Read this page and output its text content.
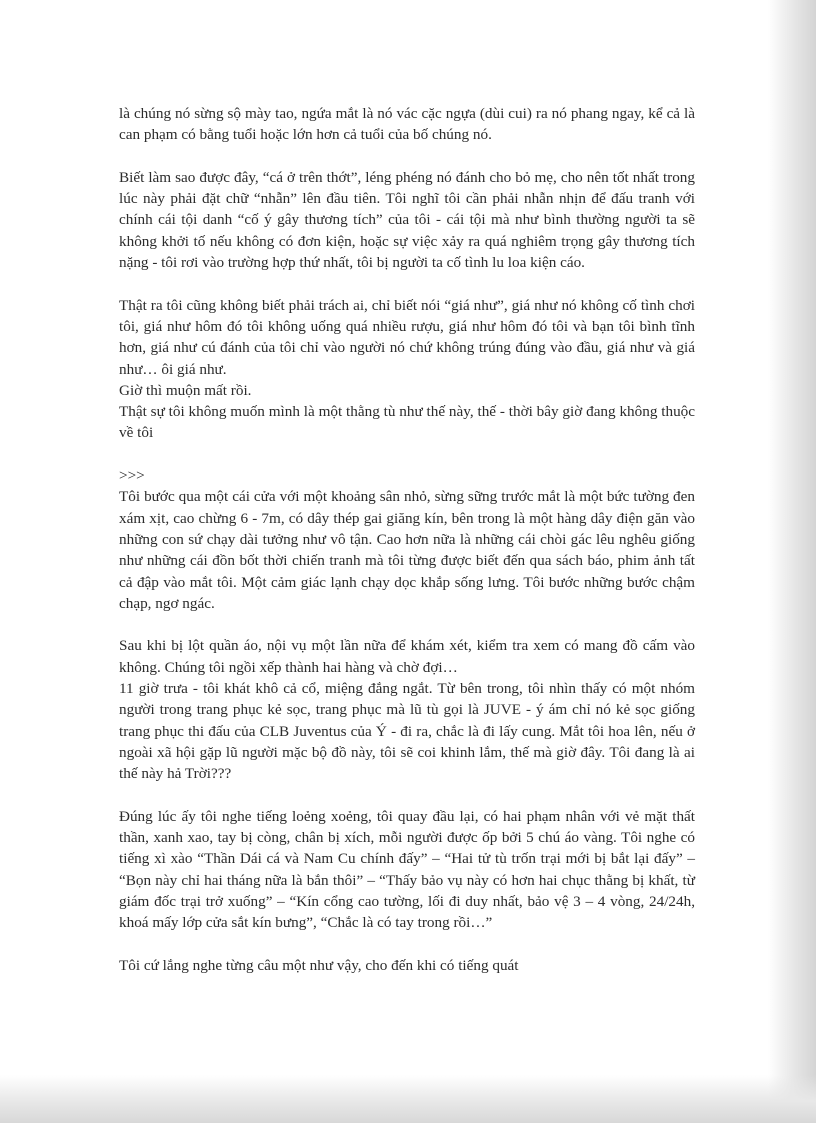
là chúng nó sừng sộ mày tao, ngứa mắt là nó vác cặc ngựa (dùi cui) ra nó phang ngay, kể cả là can phạm có bằng tuổi hoặc lớn hơn cả tuổi của bố chúng nó.

Biết làm sao được đây, “cá ở trên thớt”, léng phéng nó đánh cho bỏ mẹ, cho nên tốt nhất trong lúc này phải đặt chữ “nhẫn” lên đầu tiên. Tôi nghĩ tôi cần phải nhẫn nhịn để đấu tranh với chính cái tội danh “cố ý gây thương tích” của tôi - cái tội mà như bình thường người ta sẽ không khởi tố nếu không có đơn kiện, hoặc sự việc xảy ra quá nghiêm trọng gây thương tích nặng - tôi rơi vào trường hợp thứ nhất, tôi bị người ta cố tình lu loa kiện cáo.

Thật ra tôi cũng không biết phải trách ai, chỉ biết nói “giá như”, giá như nó không cố tình chơi tôi, giá như hôm đó tôi không uống quá nhiều rượu, giá như hôm đó tôi và bạn tôi bình tĩnh hơn, giá như cú đánh của tôi chỉ vào người nó chứ không trúng đúng vào đầu, giá như và giá như… ôi giá như.

Giờ thì muộn mất rồi.

Thật sự tôi không muốn mình là một thằng tù như thế này, thế - thời bây giờ đang không thuộc về tôi

>>>

Tôi bước qua một cái cửa với một khoảng sân nhỏ, sừng sững trước mắt là một bức tường đen xám xịt, cao chừng 6 - 7m, có dây thép gai giăng kín, bên trong là một hàng dây điện găn vào những con sứ chạy dài tưởng như vô tận. Cao hơn nữa là những cái chòi gác lêu nghêu giống như những cái đồn bốt thời chiến tranh mà tôi từng được biết đến qua sách báo, phim ảnh tất cả đập vào mắt tôi. Một cảm giác lạnh chạy dọc khắp sống lưng. Tôi bước những bước chậm chạp, ngơ ngác.

Sau khi bị lột quần áo, nội vụ một lần nữa để khám xét, kiểm tra xem có mang đồ cấm vào không. Chúng tôi ngồi xếp thành hai hàng và chờ đợi…

11 giờ trưa - tôi khát khô cả cổ, miệng đắng ngắt. Từ bên trong, tôi nhìn thấy có một nhóm người trong trang phục kẻ sọc, trang phục mà lũ tù gọi là JUVE - ý ám chỉ nó kẻ sọc giống trang phục thi đấu của CLB Juventus của Ý - đi ra, chắc là đi lấy cung. Mắt tôi hoa lên, nếu ở ngoài xã hội gặp lũ người mặc bộ đồ này, tôi sẽ coi khinh lắm, thế mà giờ đây. Tôi đang là ai thế này hả Trời???

Đúng lúc ấy tôi nghe tiếng loẻng xoẻng, tôi quay đầu lại, có hai phạm nhân với vẻ mặt thất thần, xanh xao, tay bị còng, chân bị xích, mỗi người được ốp bởi 5 chú áo vàng. Tôi nghe có tiếng xì xào “Thần Dái cá và Nam Cu chính đấy” – “Hai tử tù trốn trại mới bị bắt lại đấy” – “Bọn này chỉ hai tháng nữa là bắn thôi” – “Thấy bảo vụ này có hơn hai chục thằng bị khất, từ giám đốc trại trở xuống” – “Kín cổng cao tường, lối đi duy nhất, bảo vệ 3 – 4 vòng, 24/24h, khoá mấy lớp cửa sắt kín bưng”, “Chắc là có tay trong rồi…”

Tôi cứ lắng nghe từng câu một như vậy, cho đến khi có tiếng quát
